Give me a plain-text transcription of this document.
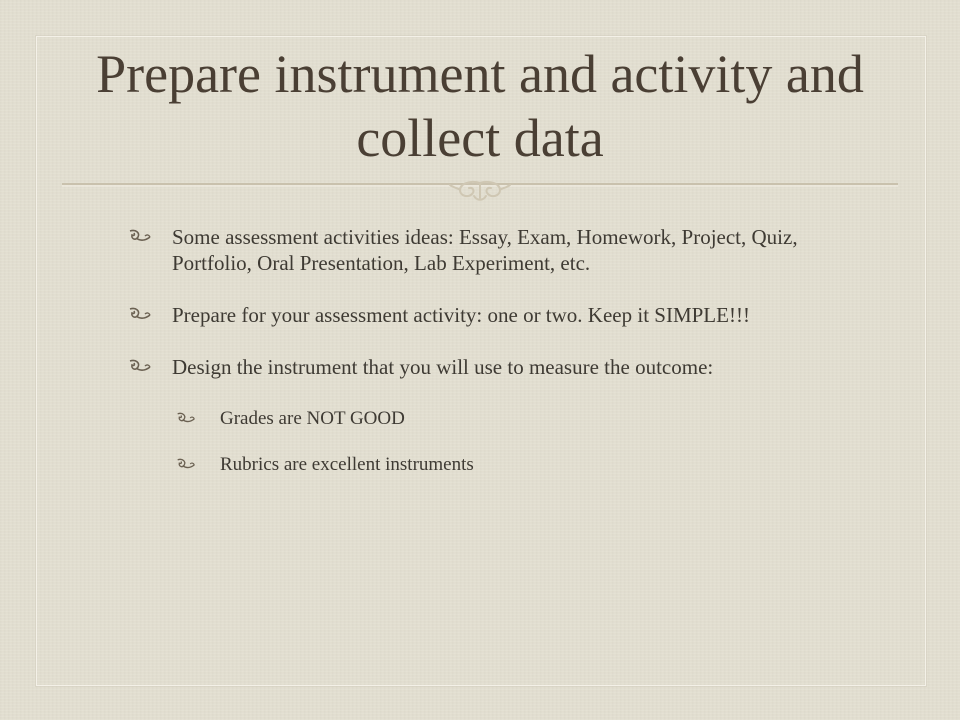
Prepare instrument and activity and collect data
Some assessment activities ideas: Essay, Exam, Homework, Project, Quiz, Portfolio, Oral Presentation, Lab Experiment, etc.
Prepare for your assessment activity: one or two. Keep it SIMPLE!!!
Design the instrument that you will use to measure the outcome:
Grades are NOT GOOD
Rubrics are excellent instruments
